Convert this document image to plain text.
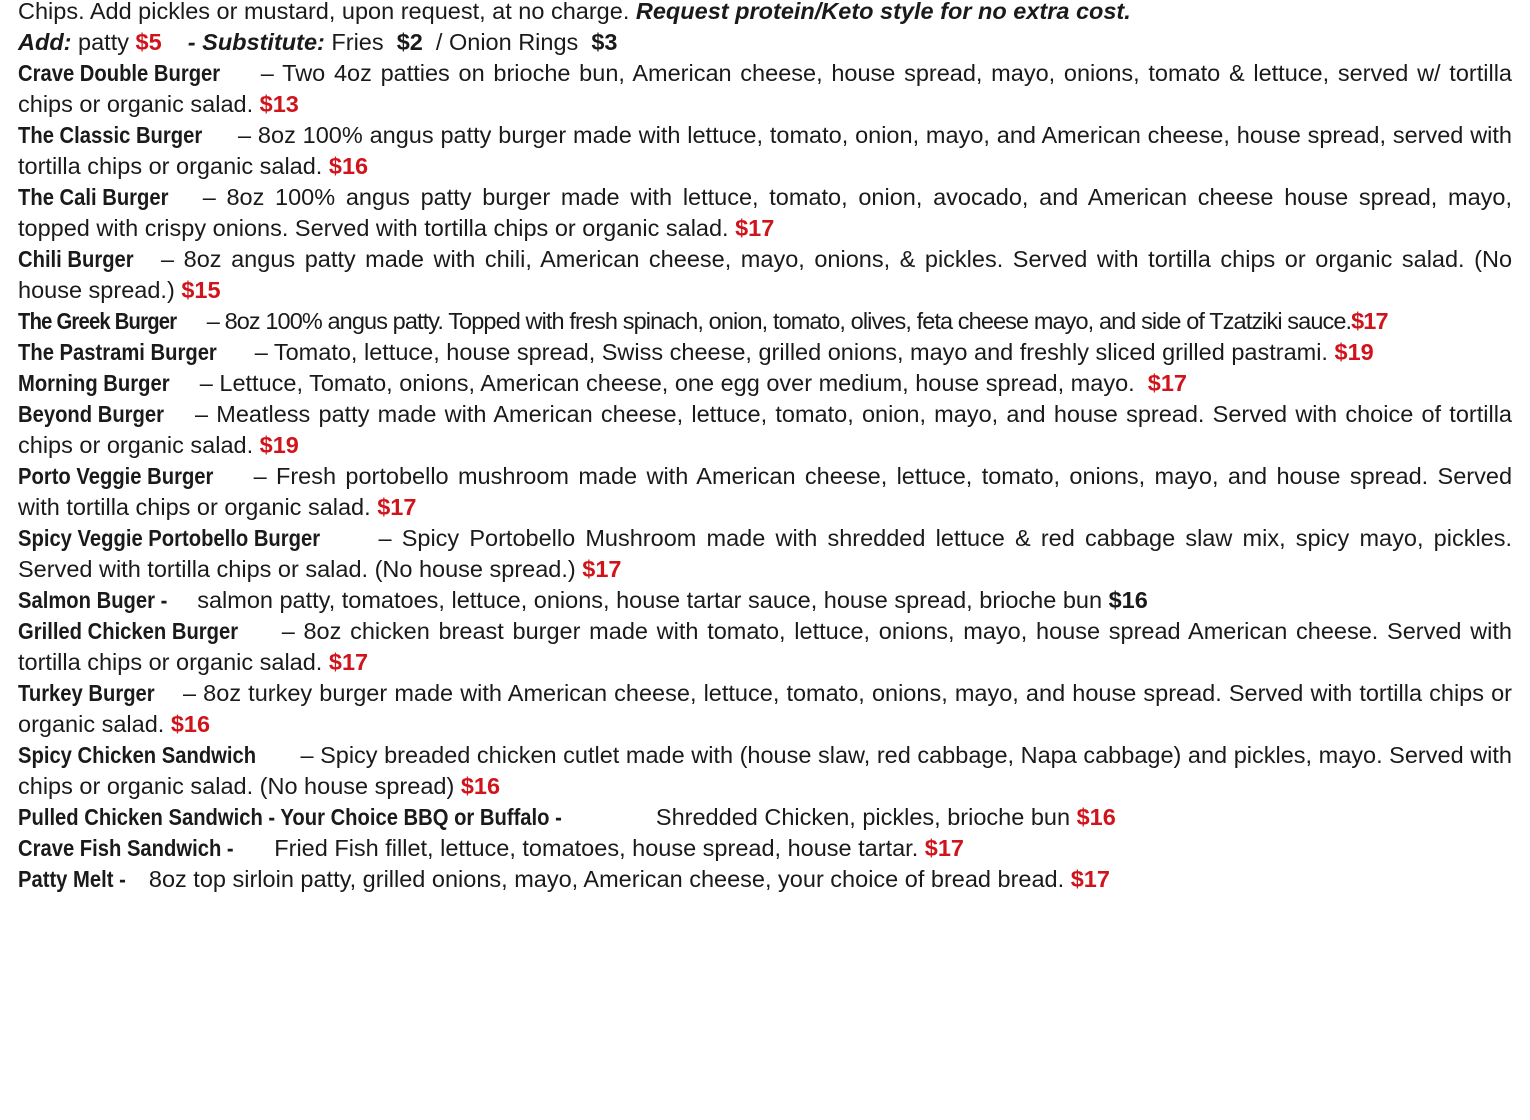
Chips. Add pickles or mustard, upon request, at no charge. Request protein/Keto style for no extra cost.
Add: patty $5 - Substitute: Fries $2 / Onion Rings $3
Crave Double Burger – Two 4oz patties on brioche bun, American cheese, house spread, mayo, onions, tomato & lettuce, served w/ tortilla chips or organic salad. $13
The Classic Burger – 8oz 100% angus patty burger made with lettuce, tomato, onion, mayo, and American cheese, house spread, served with tortilla chips or organic salad. $16
The Cali Burger – 8oz 100% angus patty burger made with lettuce, tomato, onion, avocado, and American cheese house spread, mayo, topped with crispy onions. Served with tortilla chips or organic salad. $17
Chili Burger – 8oz angus patty made with chili, American cheese, mayo, onions, & pickles. Served with tortilla chips or organic salad. (No house spread.) $15
The Greek Burger – 8oz 100% angus patty. Topped with fresh spinach, onion, tomato, olives, feta cheese mayo, and side of Tzatziki sauce.$17
The Pastrami Burger – Tomato, lettuce, house spread, Swiss cheese, grilled onions, mayo and freshly sliced grilled pastrami. $19
Morning Burger – Lettuce, Tomato, onions, American cheese, one egg over medium, house spread, mayo. $17
Beyond Burger – Meatless patty made with American cheese, lettuce, tomato, onion, mayo, and house spread. Served with choice of tortilla chips or organic salad. $19
Porto Veggie Burger – Fresh portobello mushroom made with American cheese, lettuce, tomato, onions, mayo, and house spread. Served with tortilla chips or organic salad. $17
Spicy Veggie Portobello Burger – Spicy Portobello Mushroom made with shredded lettuce & red cabbage slaw mix, spicy mayo, pickles. Served with tortilla chips or salad. (No house spread.) $17
Salmon Buger - salmon patty, tomatoes, lettuce, onions, house tartar sauce, house spread, brioche bun $16
Grilled Chicken Burger – 8oz chicken breast burger made with tomato, lettuce, onions, mayo, house spread American cheese. Served with tortilla chips or organic salad. $17
Turkey Burger – 8oz turkey burger made with American cheese, lettuce, tomato, onions, mayo, and house spread. Served with tortilla chips or organic salad. $16
Spicy Chicken Sandwich – Spicy breaded chicken cutlet made with (house slaw, red cabbage, Napa cabbage) and pickles, mayo. Served with chips or organic salad. (No house spread) $16
Pulled Chicken Sandwich - Your Choice BBQ or Buffalo -	Shredded Chicken, pickles, brioche bun $16
Crave Fish Sandwich - Fried Fish fillet, lettuce, tomatoes, house spread, house tartar. $17
Patty Melt - 8oz top sirloin patty, grilled onions, mayo, American cheese, your choice of bread bread. $17
